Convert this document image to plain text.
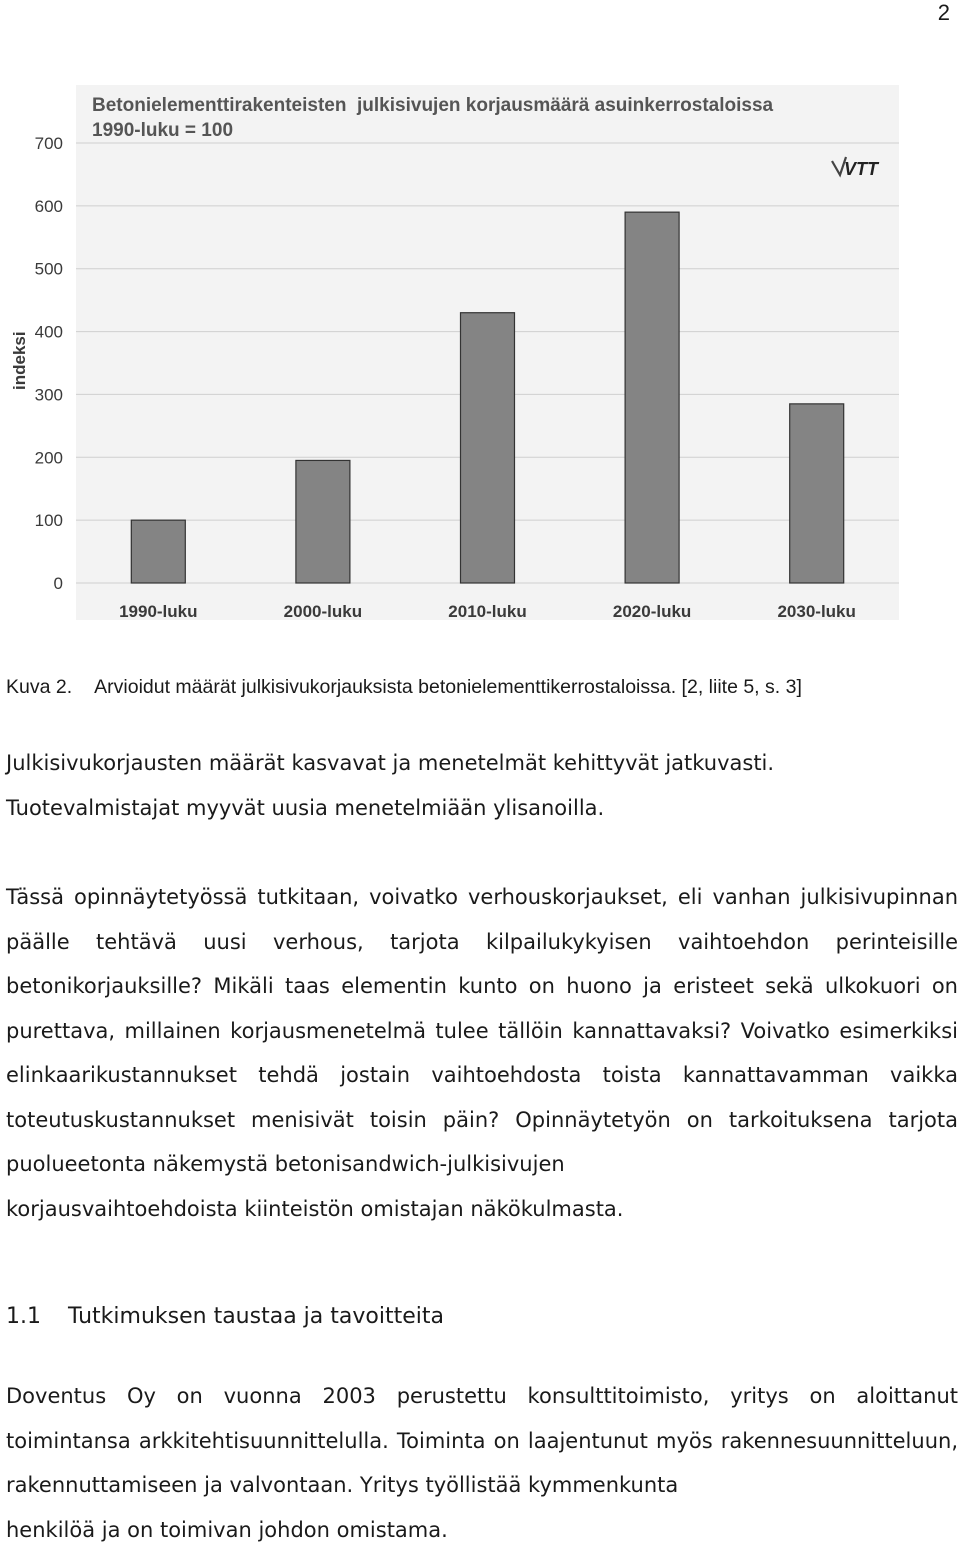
2
0
100
200
300
400
500
600
700
1990-luku	2000-luku	2010-luku	2020-luku	2030-luku
Betonielementtirakenteisten  julkisivujen korjausmäärä asuinkerrostaloissa
1990-luku = 100
indeksi
VTT
Kuva 2. Arvioidut määrät julkisivukorjauksista betonielementtikerrostaloissa. [2, liite 5, s. 3]
Julkisivukorjausten määrät kasvavat ja menetelmät kehittyvät jatkuvasti.
Tuotevalmistajat myyvät uusia menetelmiään ylisanoilla.
Tässä opinnäytetyössä tutkitaan, voivatko verhouskorjaukset, eli vanhan julkisivupinnan päälle tehtävä uusi verhous, tarjota kilpailukykyisen vaihtoehdon perinteisille betonikorjauksille? Mikäli taas elementin kunto on huono ja eristeet sekä ulkokuori on purettava, millainen korjausmenetelmä tulee tällöin kannattavaksi? Voivatko esimerkiksi elinkaarikustannukset tehdä jostain vaihtoehdosta toista kannattavamman vaikka toteutuskustannukset menisivät toisin päin? Opinnäytetyön on tarkoituksena tarjota puolueetonta näkemystä betonisandwich-julkisivujen
korjausvaihtoehdoista kiinteistön omistajan näkökulmasta.
1.1 Tutkimuksen taustaa ja tavoitteita
Doventus Oy on vuonna 2003 perustettu konsulttitoimisto, yritys on aloittanut toimintansa arkkitehtisuunnittelulla. Toiminta on laajentunut myös rakennesuunnitteluun, rakennuttamiseen ja valvontaan. Yritys työllistää kymmenkunta
henkilöä ja on toimivan johdon omistama.
